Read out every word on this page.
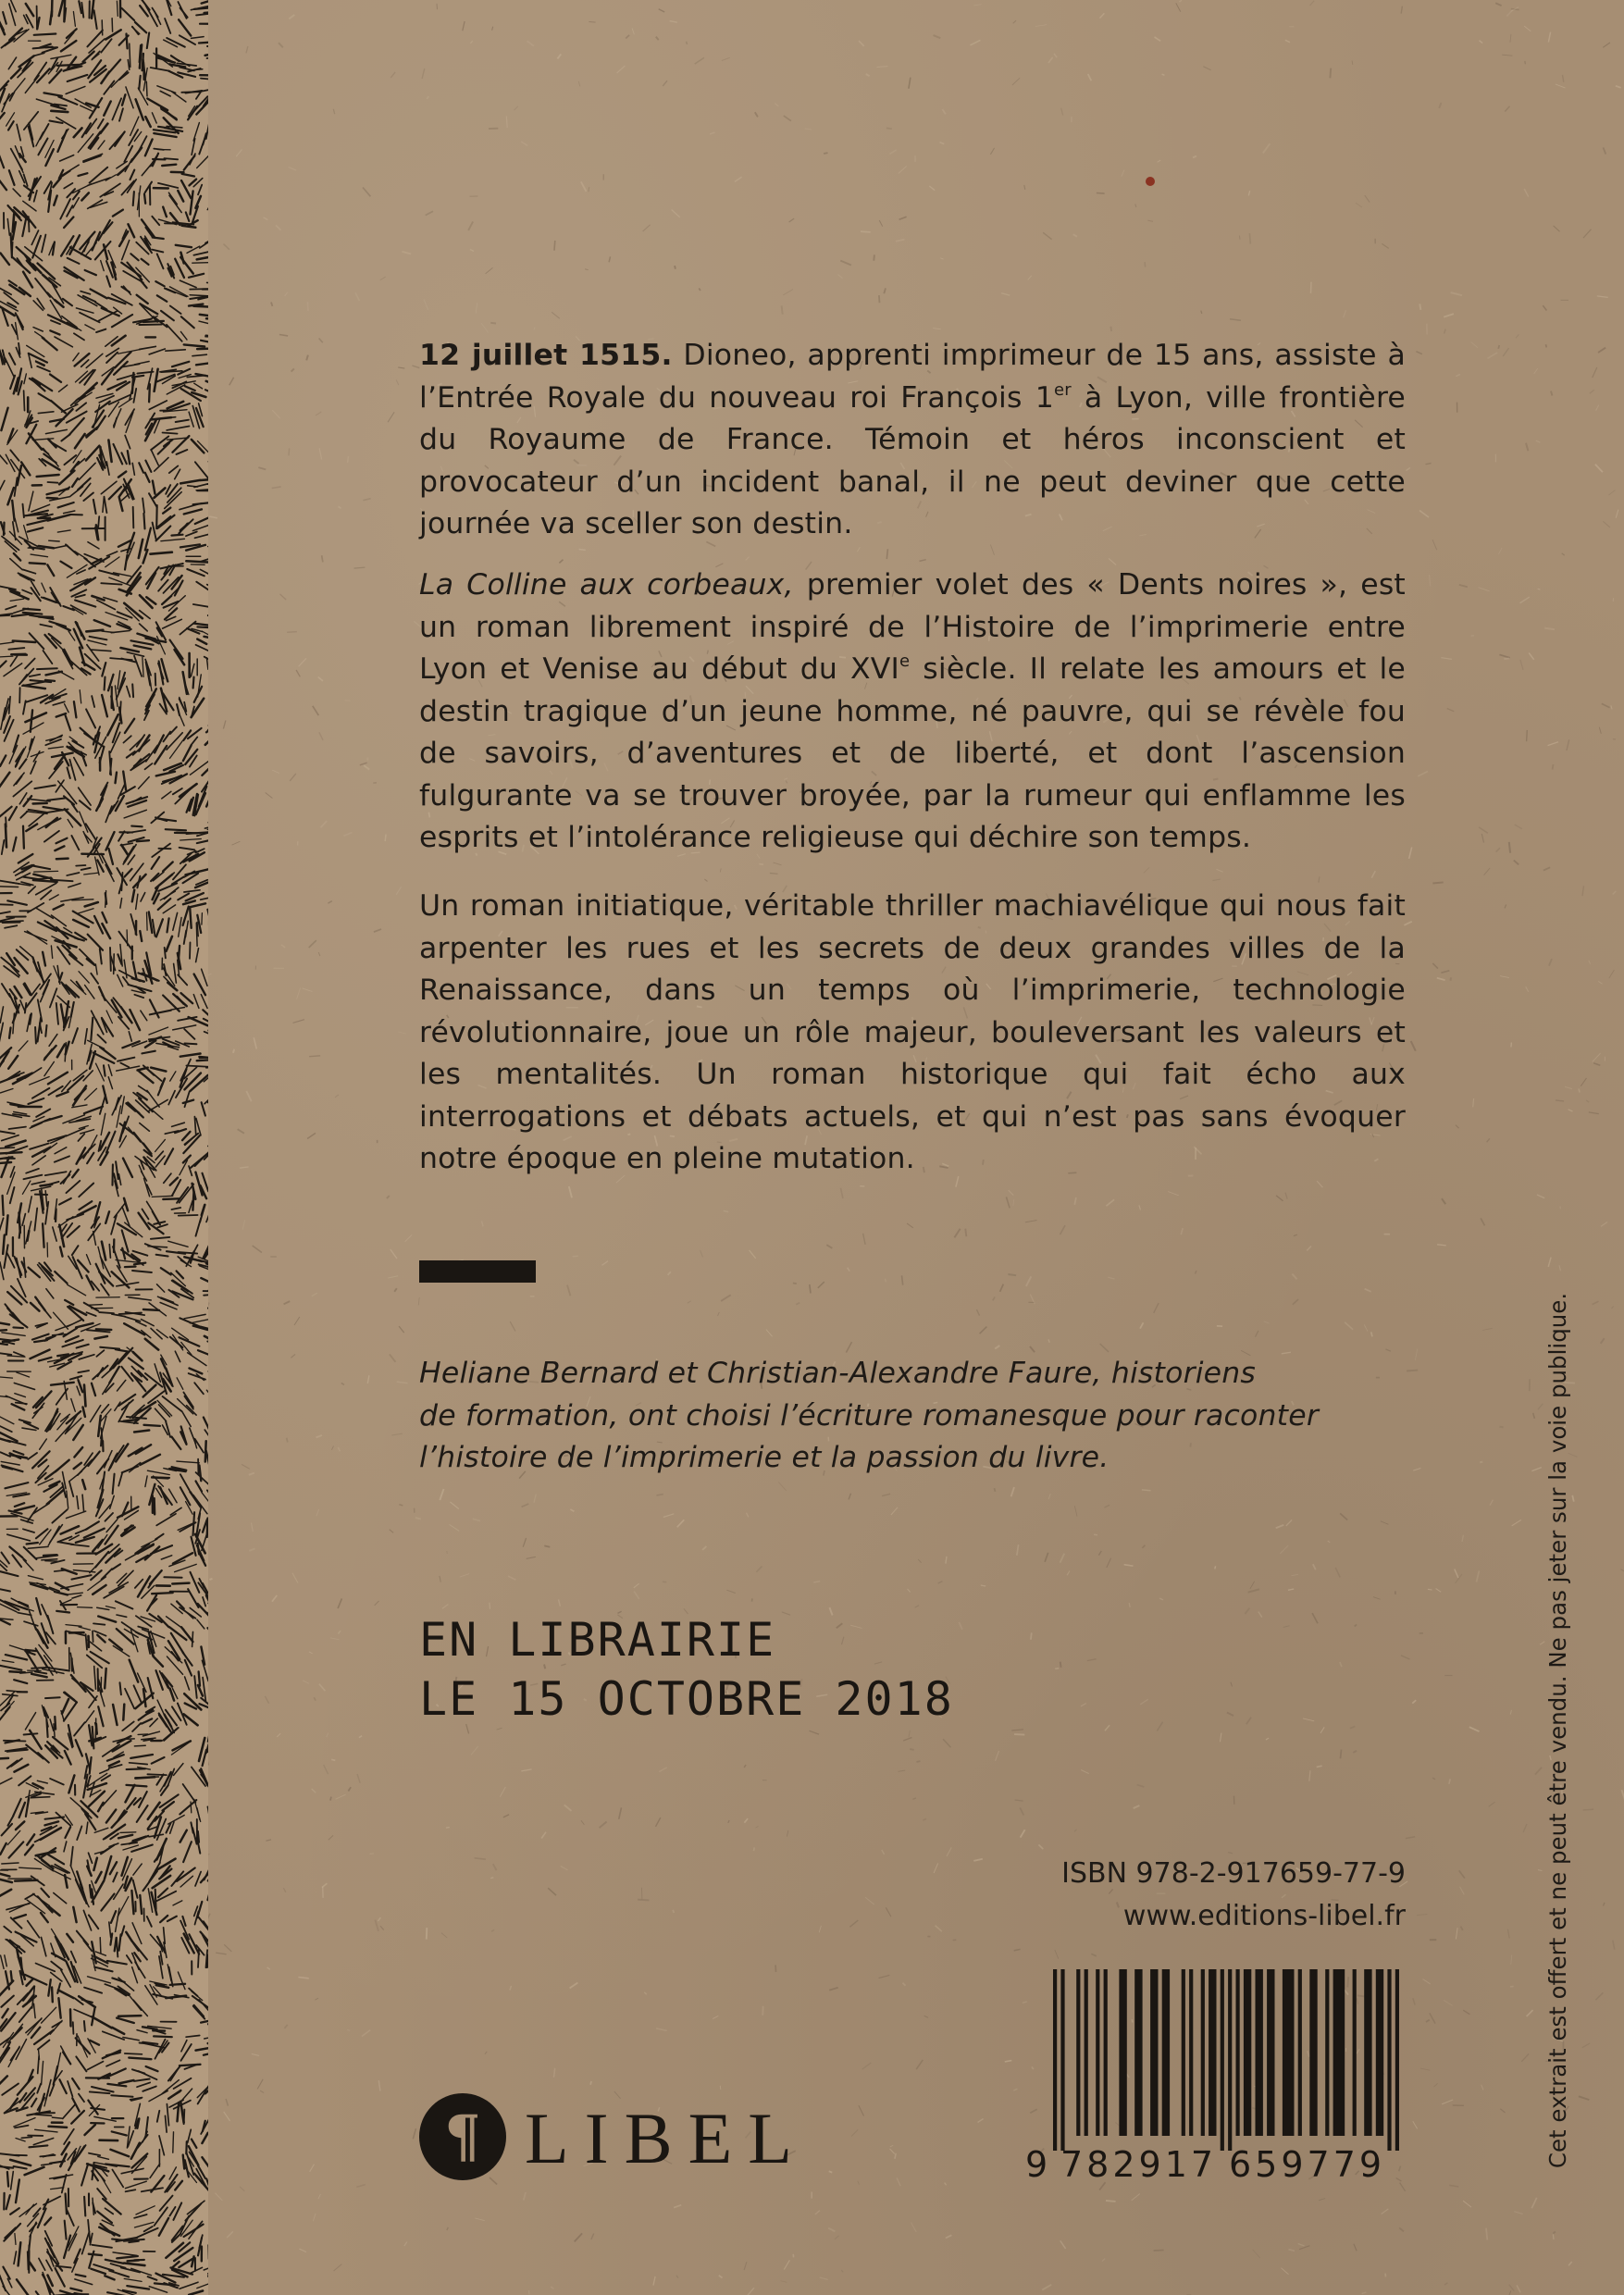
12 juillet 1515. Dioneo, apprenti imprimeur de 15 ans, assiste à l’Entrée Royale du nouveau roi François 1er à Lyon, ville frontière du Royaume de France. Témoin et héros inconscient et provocateur d’un incident banal, il ne peut deviner que cette journée va sceller son destin.

La Colline aux corbeaux, premier volet des « Dents noires », est un roman librement inspiré de l’Histoire de l’imprimerie entre Lyon et Venise au début du XVIe siècle. Il relate les amours et le destin tragique d’un jeune homme, né pauvre, qui se révèle fou de savoirs, d’aventures et de liberté, et dont l’ascension fulgurante va se trouver broyée, par la rumeur qui enflamme les esprits et l’intolérance religieuse qui déchire son temps.

Un roman initiatique, véritable thriller machiavélique qui nous fait arpenter les rues et les secrets de deux grandes villes de la Renaissance, dans un temps où l’imprimerie, technologie révolutionnaire, joue un rôle majeur, bouleversant les valeurs et les mentalités. Un roman historique qui fait écho aux interrogations et débats actuels, et qui n’est pas sans évoquer notre époque en pleine mutation.

Heliane Bernard et Christian-Alexandre Faure, historiens
de formation, ont choisi l’écriture romanesque pour raconter
l’histoire de l’imprimerie et la passion du livre.
EN LIBRAIRIE
LE 15 OCTOBRE 2018
ISBN 978-2-917659-77-9
www.editions-libel.fr
9 782917 659779
¶ LIBEL	Cet extrait est offert et ne peut être vendu. Ne pas jeter sur la voie publique.
